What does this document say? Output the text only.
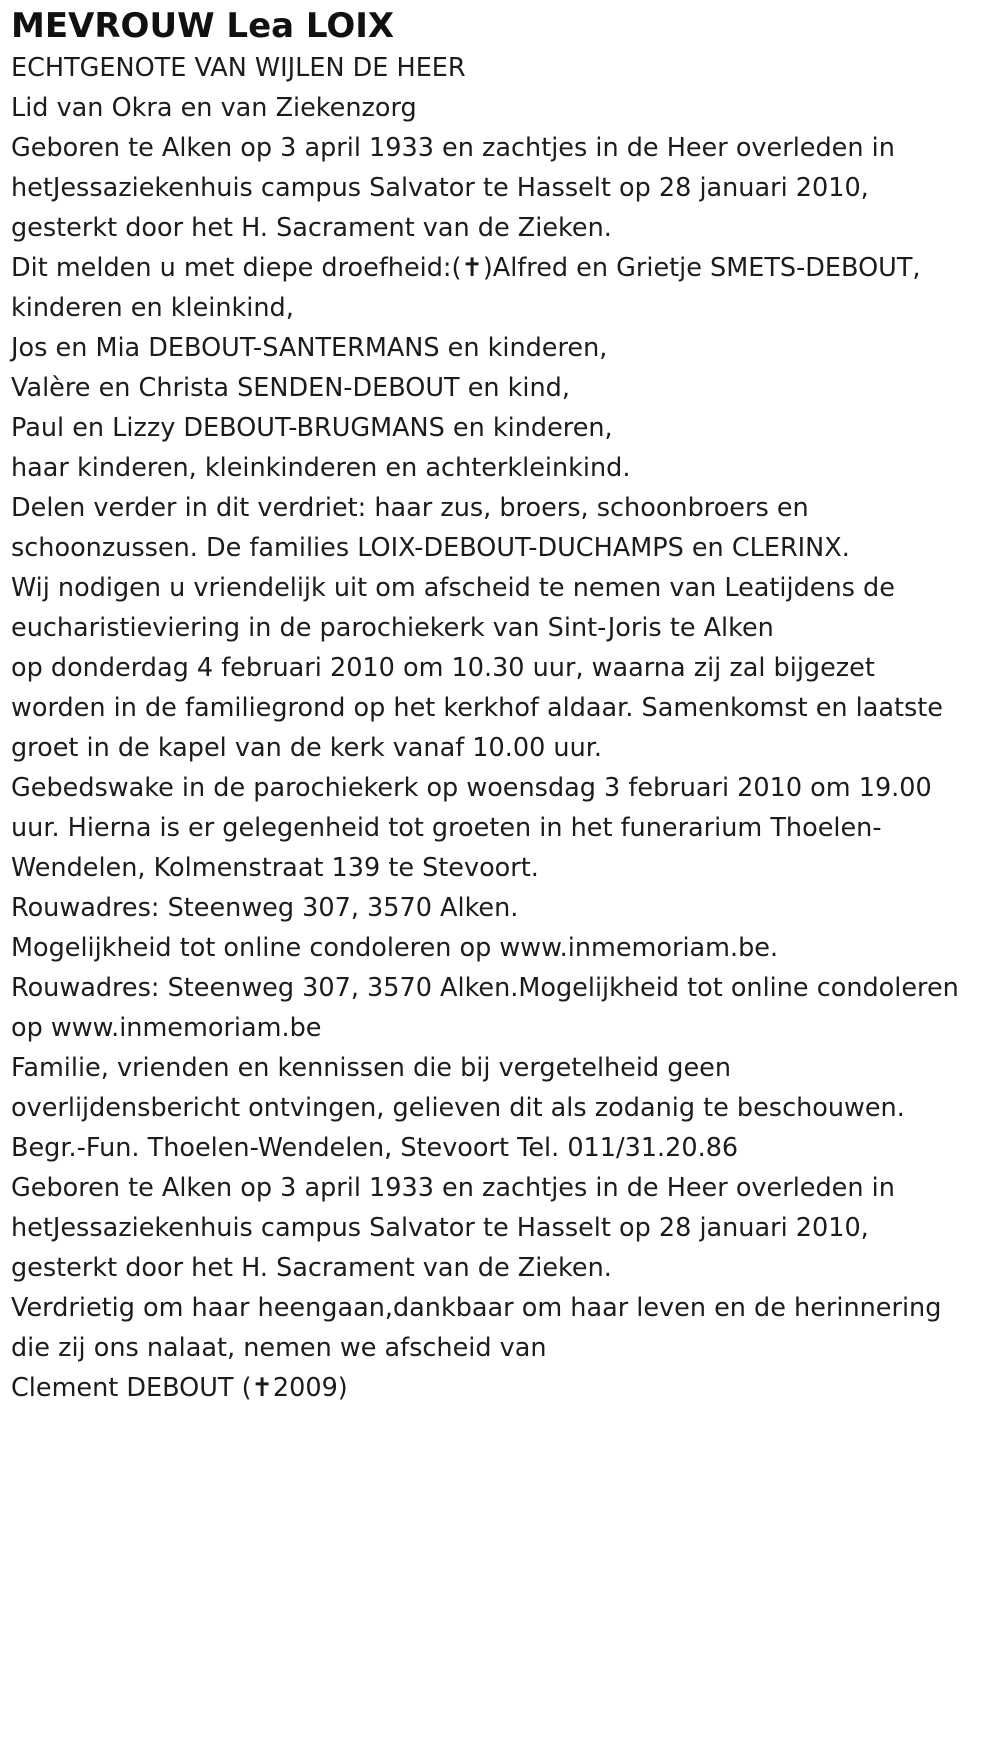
MEVROUW Lea LOIX
ECHTGENOTE VAN WIJLEN DE HEER
Lid van Okra en van Ziekenzorg
Geboren te Alken op 3 april 1933 en zachtjes in de Heer overleden in
hetJessaziekenhuis campus Salvator te Hasselt op 28 januari 2010,
gesterkt door het H. Sacrament van de Zieken.
Dit melden u met diepe droefheid:(✝)Alfred en Grietje SMETS-DEBOUT,
kinderen en kleinkind,
Jos en Mia DEBOUT-SANTERMANS en kinderen,
Valère en Christa SENDEN-DEBOUT en kind,
Paul en Lizzy DEBOUT-BRUGMANS en kinderen,
haar kinderen, kleinkinderen en achterkleinkind.
Delen verder in dit verdriet: haar zus, broers, schoonbroers en
schoonzussen. De families LOIX-DEBOUT-DUCHAMPS en CLERINX.
Wij nodigen u vriendelijk uit om afscheid te nemen van Leatijdens de
eucharistieviering in de parochiekerk van Sint-Joris te Alken
op donderdag 4 februari 2010 om 10.30 uur, waarna zij zal bijgezet
worden in de familiegrond op het kerkhof aldaar. Samenkomst en laatste
groet in de kapel van de kerk vanaf 10.00 uur.
Gebedswake in de parochiekerk op woensdag 3 februari 2010 om 19.00
uur. Hierna is er gelegenheid tot groeten in het funerarium Thoelen-
Wendelen, Kolmenstraat 139 te Stevoort.
Rouwadres: Steenweg 307, 3570 Alken.
Mogelijkheid tot online condoleren op www.inmemoriam.be.
Rouwadres: Steenweg 307, 3570 Alken.Mogelijkheid tot online condoleren
op www.inmemoriam.be
Familie, vrienden en kennissen die bij vergetelheid geen
overlijdensbericht ontvingen, gelieven dit als zodanig te beschouwen.
Begr.-Fun. Thoelen-Wendelen, Stevoort Tel. 011/31.20.86
Geboren te Alken op 3 april 1933 en zachtjes in de Heer overleden in
hetJessaziekenhuis campus Salvator te Hasselt op 28 januari 2010,
gesterkt door het H. Sacrament van de Zieken.
Verdrietig om haar heengaan,dankbaar om haar leven en de herinnering
die zij ons nalaat, nemen we afscheid van
Clement DEBOUT (✝2009)
